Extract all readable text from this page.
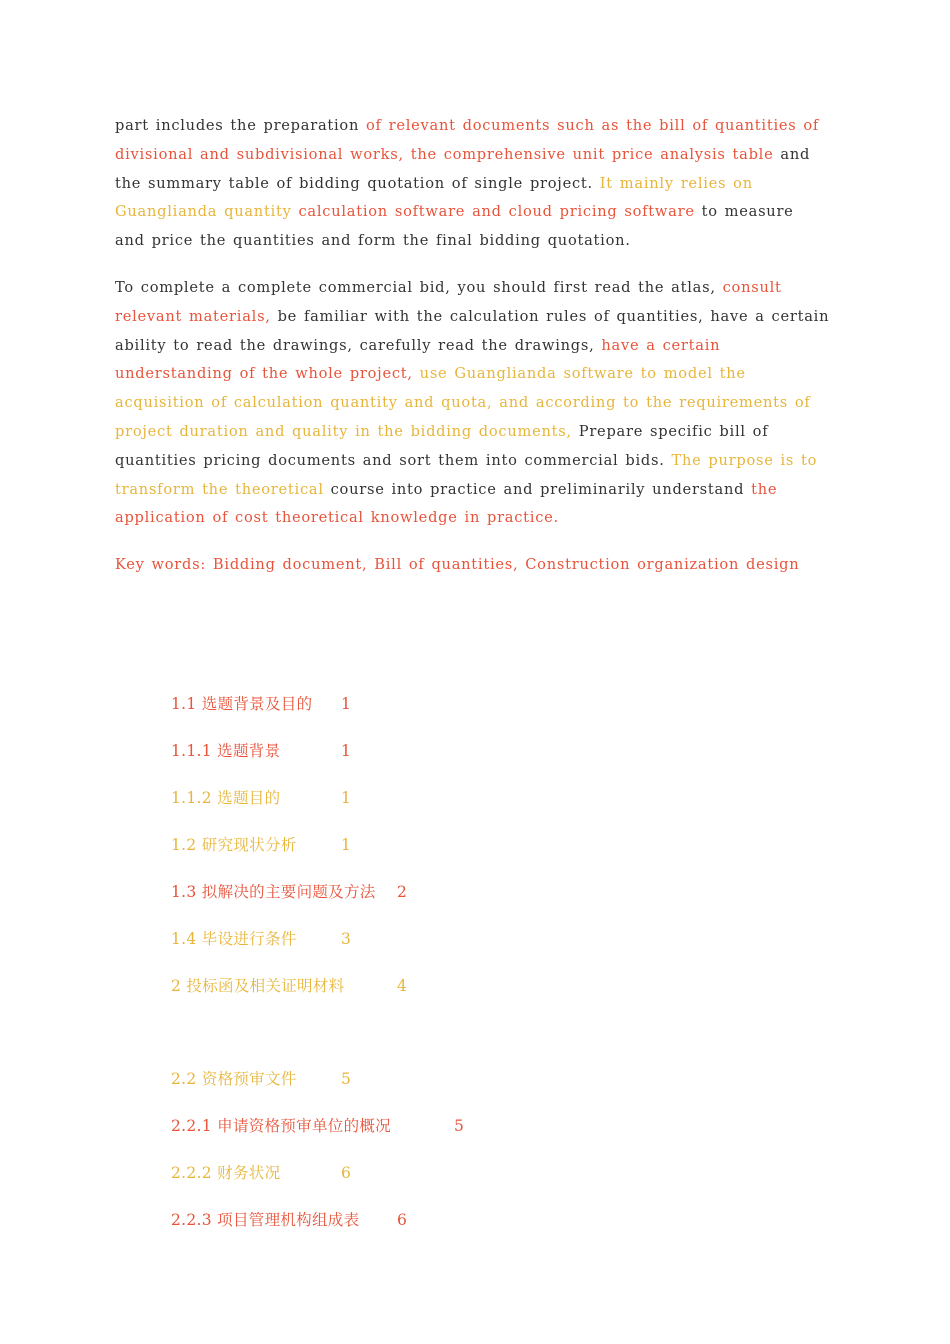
part includes the preparation of relevant documents such as the bill of quantities of divisional and subdivisional works, the comprehensive unit price analysis table and the summary table of bidding quotation of single project. It mainly relies on Guanglianda quantity calculation software and cloud pricing software to measure and price the quantities and form the final bidding quotation.

To complete a complete commercial bid, you should first read the atlas, consult relevant materials, be familiar with the calculation rules of quantities, have a certain ability to read the drawings, carefully read the drawings, have a certain understanding of the whole project, use Guanglianda software to model the acquisition of calculation quantity and quota, and according to the requirements of project duration and quality in the bidding documents, Prepare specific bill of quantities pricing documents and sort them into commercial bids. The purpose is to transform the theoretical course into practice and preliminarily understand the application of cost theoretical knowledge in practice.

Key words: Bidding document, Bill of quantities, Construction organization design

1.1 选题背景及目的 1
1.1.1 选题背景	1
1.1.2 选题目的	1
1.2 研究现状分析	1
1.3 拟解决的主要问题及方法 2
1.4 毕设进行条件	3
2 投标函及相关证明材料	4
2.2 资格预审文件	5
2.2.1 申请资格预审单位的概况	5
2.2.2 财务状况	6
2.2.3 项目管理机构组成表 6
